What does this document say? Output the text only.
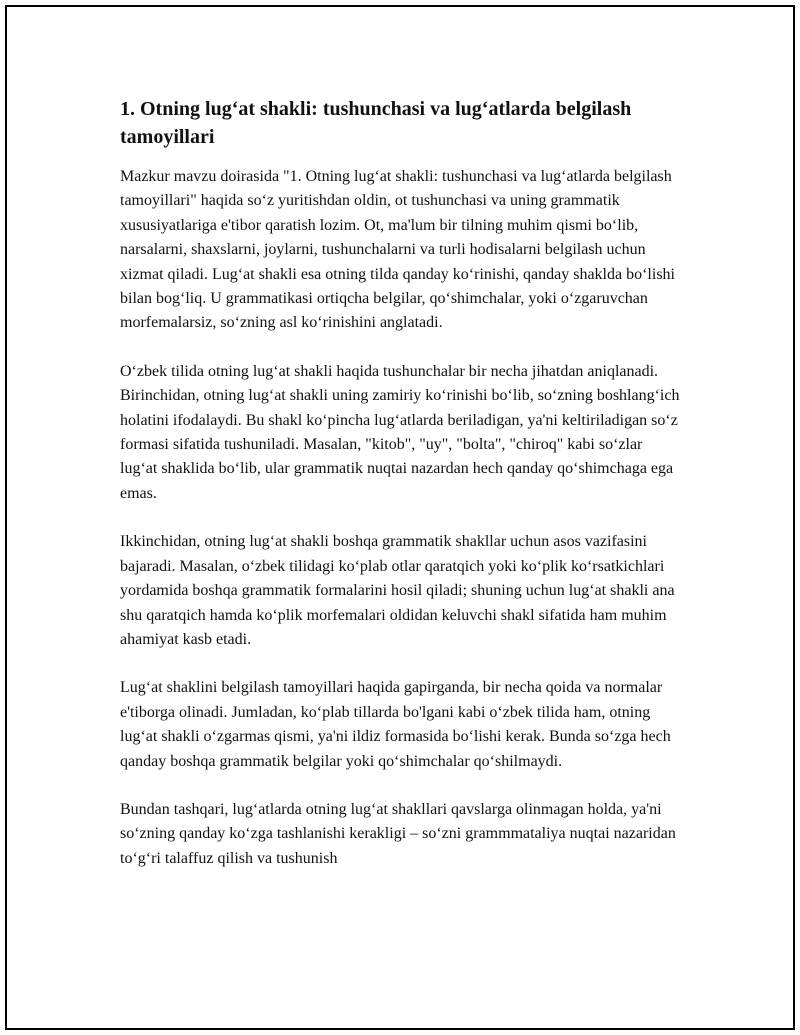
1. Otning lug‘at shakli: tushunchasi va lug‘atlarda belgilash tamoyillari

Mazkur mavzu doirasida "1. Otning lug‘at shakli: tushunchasi va lug‘atlarda belgilash tamoyillari" haqida so‘z yuritishdan oldin, ot tushunchasi va uning grammatik xususiyatlariga e'tibor qaratish lozim. Ot, ma'lum bir tilning muhim qismi bo‘lib, narsalarni, shaxslarni, joylarni, tushunchalarni va turli hodisalarni belgilash uchun xizmat qiladi. Lug‘at shakli esa otning tilda qanday ko‘rinishi, qanday shaklda bo‘lishi bilan bog‘liq. U grammatikasi ortiqcha belgilar, qo‘shimchalar, yoki o‘zgaruvchan morfemalarsiz, so‘zning asl ko‘rinishini anglatadi.

O‘zbek tilida otning lug‘at shakli haqida tushunchalar bir necha jihatdan aniqlanadi. Birinchidan, otning lug‘at shakli uning zamiriy ko‘rinishi bo‘lib, so‘zning boshlang‘ich holatini ifodalaydi. Bu shakl ko‘pincha lug‘atlarda beriladigan, ya'ni keltiriladigan so‘z formasi sifatida tushuniladi. Masalan, "kitob", "uy", "bolta", "chiroq" kabi so‘zlar lug‘at shaklida bo‘lib, ular grammatik nuqtai nazardan hech qanday qo‘shimchaga ega emas.

Ikkinchidan, otning lug‘at shakli boshqa grammatik shakllar uchun asos vazifasini bajaradi. Masalan, o‘zbek tilidagi ko‘plab otlar qaratqich yoki ko‘plik ko‘rsatkichlari yordamida boshqa grammatik formalarini hosil qiladi; shuning uchun lug‘at shakli ana shu qaratqich hamda ko‘plik morfemalari oldidan keluvchi shakl sifatida ham muhim ahamiyat kasb etadi.

Lug‘at shaklini belgilash tamoyillari haqida gapirganda, bir necha qoida va normalar e'tiborga olinadi. Jumladan, ko‘plab tillarda bo'lgani kabi o‘zbek tilida ham, otning lug‘at shakli o‘zgarmas qismi, ya'ni ildiz formasida bo‘lishi kerak. Bunda so‘zga hech qanday boshqa grammatik belgilar yoki qo‘shimchalar qo‘shilmaydi.

Bundan tashqari, lug‘atlarda otning lug‘at shakllari qavslarga olinmagan holda, ya'ni so‘zning qanday ko‘zga tashlanishi kerakligi – so‘zni grammmataliya nuqtai nazaridan to‘g‘ri talaffuz qilish va tushunish
